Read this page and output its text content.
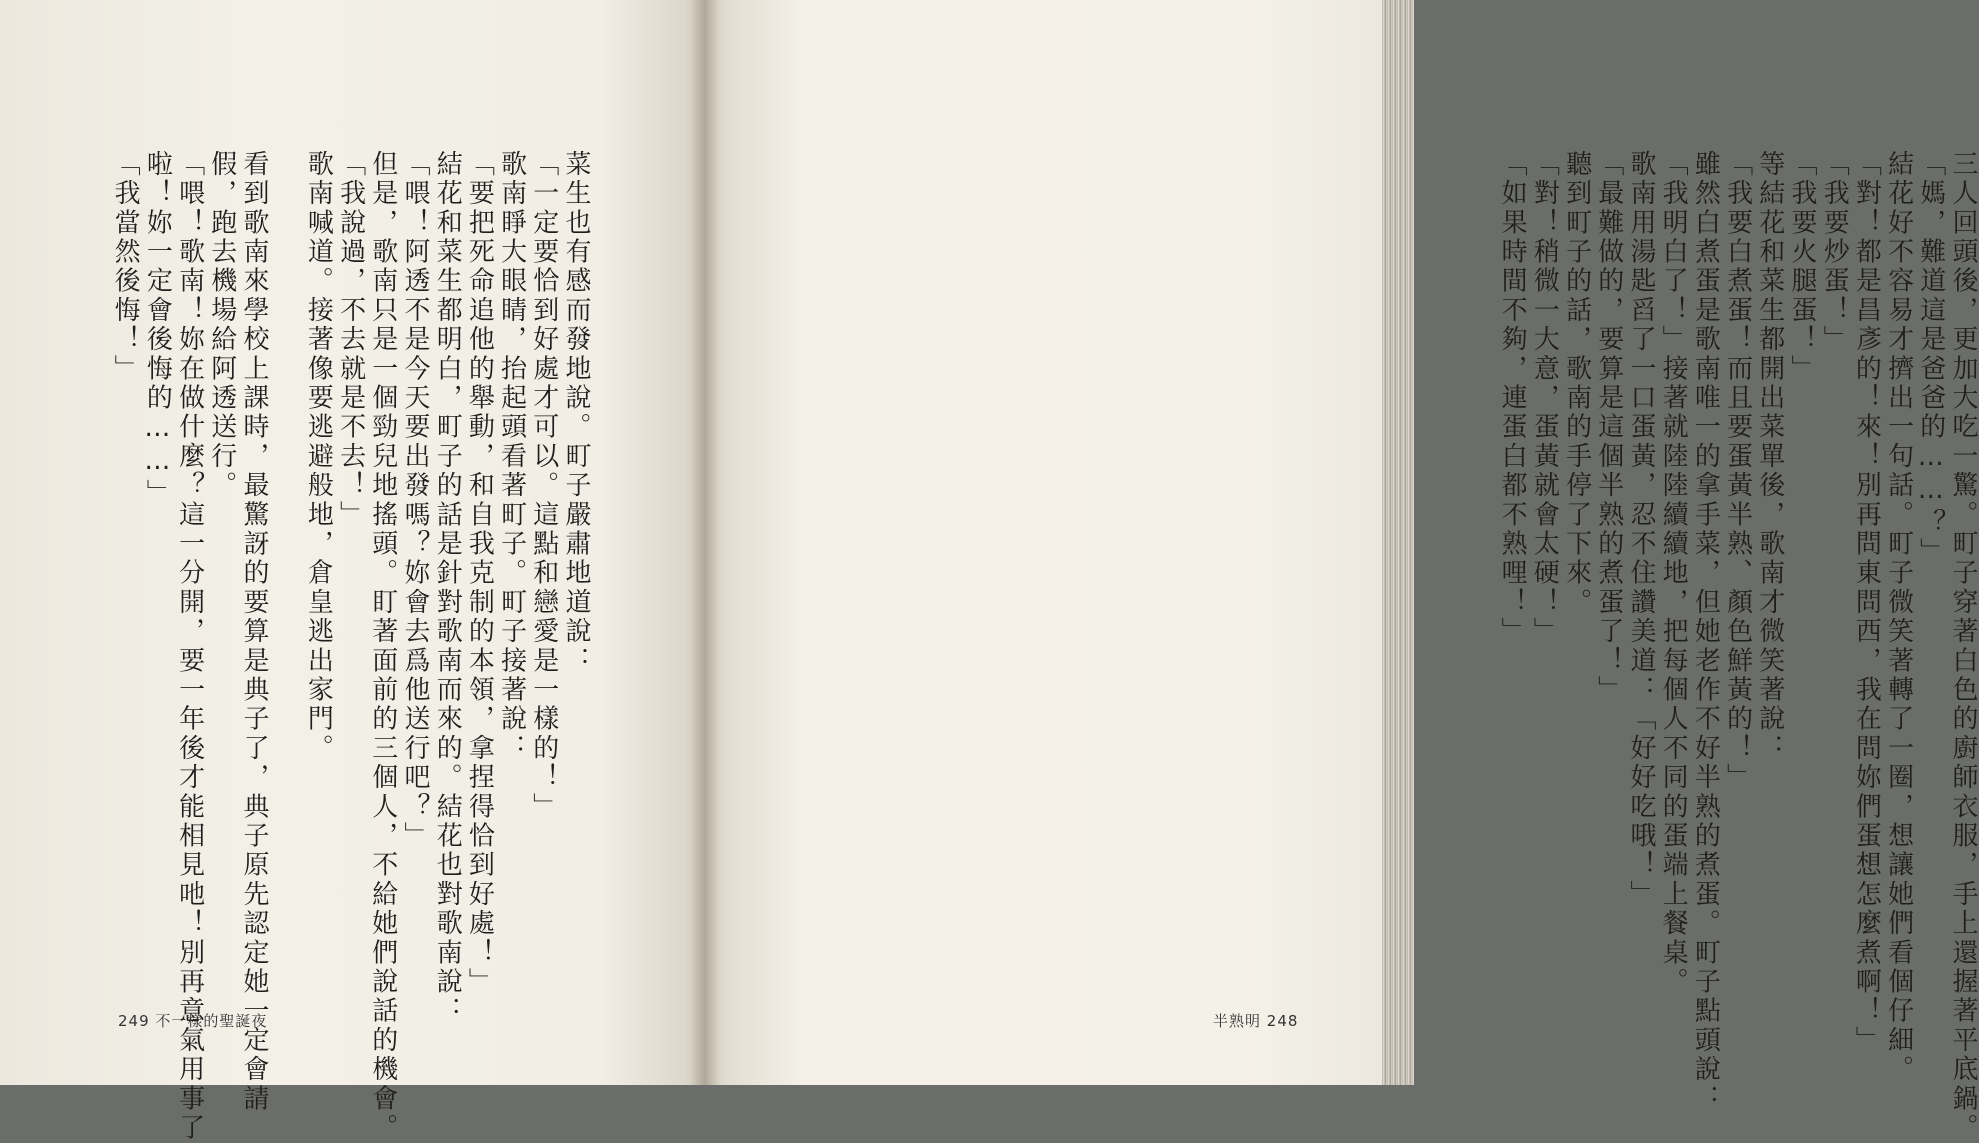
菜生也有感而發地說。町子嚴肅地道說：
「一定要恰到好處才可以。這點和戀愛是一樣的！」
歌南睜大眼睛，抬起頭看著町子。町子接著說：
「要把死命追他的舉動，和自我克制的本領，拿捏得恰到好處！」
結花和菜生都明白，町子的話是針對歌南而來的。結花也對歌南說：
「喂！阿透不是今天要出發嗎？妳會去爲他送行吧？」
但是，歌南只是一個勁兒地搖頭。盯著面前的三個人，不給她們說話的機會。
「我說過，不去就是不去！」
歌南喊道。接著像要逃避般地，倉皇逃出家門。

看到歌南來學校上課時，最驚訝的要算是典子了，典子原先認定她一定會請
假，跑去機場給阿透送行。
「喂！歌南！妳在做什麼？這一分開，要一年後才能相見吔！別再意氣用事了
啦！妳一定會後悔的……」
「我當然後悔！」
249 不一樣的聖誕夜	三人回頭後，更加大吃一驚。町子穿著白色的廚師衣服，手上還握著平底鍋。
「媽，難道這是爸爸的……？」
結花好不容易才擠出一句話。町子微笑著轉了一圈，想讓她們看個仔細。
「對！都是昌彥的！來！別再問東問西，我在問妳們蛋想怎麼煮啊！」
「我要炒蛋！」
「我要火腿蛋！」
等結花和菜生都開出菜單後，歌南才微笑著說：
「我要白煮蛋！而且要蛋黃半熟、顏色鮮黃的！」
雖然白煮蛋是歌南唯一的拿手菜，但她老作不好半熟的煮蛋。町子點頭說：
「我明白了！」接著就陸陸續續地，把每個人不同的蛋端上餐桌。
歌南用湯匙舀了一口蛋黃，忍不住讚美道：「好好吃哦！」
「最難做的，要算是這個半熟的煮蛋了！」
聽到町子的話，歌南的手停了下來。
「對！稍微一大意，蛋黃就會太硬！」
「如果時間不夠，連蛋白都不熟哩！」
半熟明 248
